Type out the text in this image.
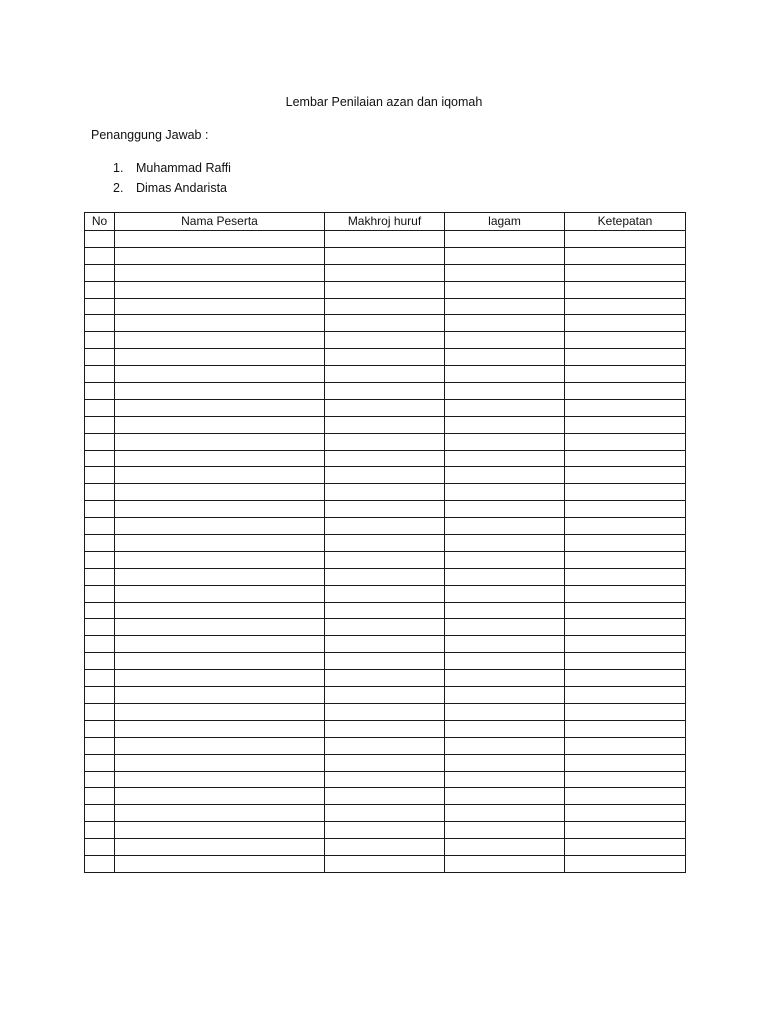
Lembar Penilaian azan dan iqomah
Penanggung Jawab :
1.	Muhammad Raffi
2.	Dimas Andarista
No	Nama Peserta	Makhroj huruf	lagam	Ketepatan
